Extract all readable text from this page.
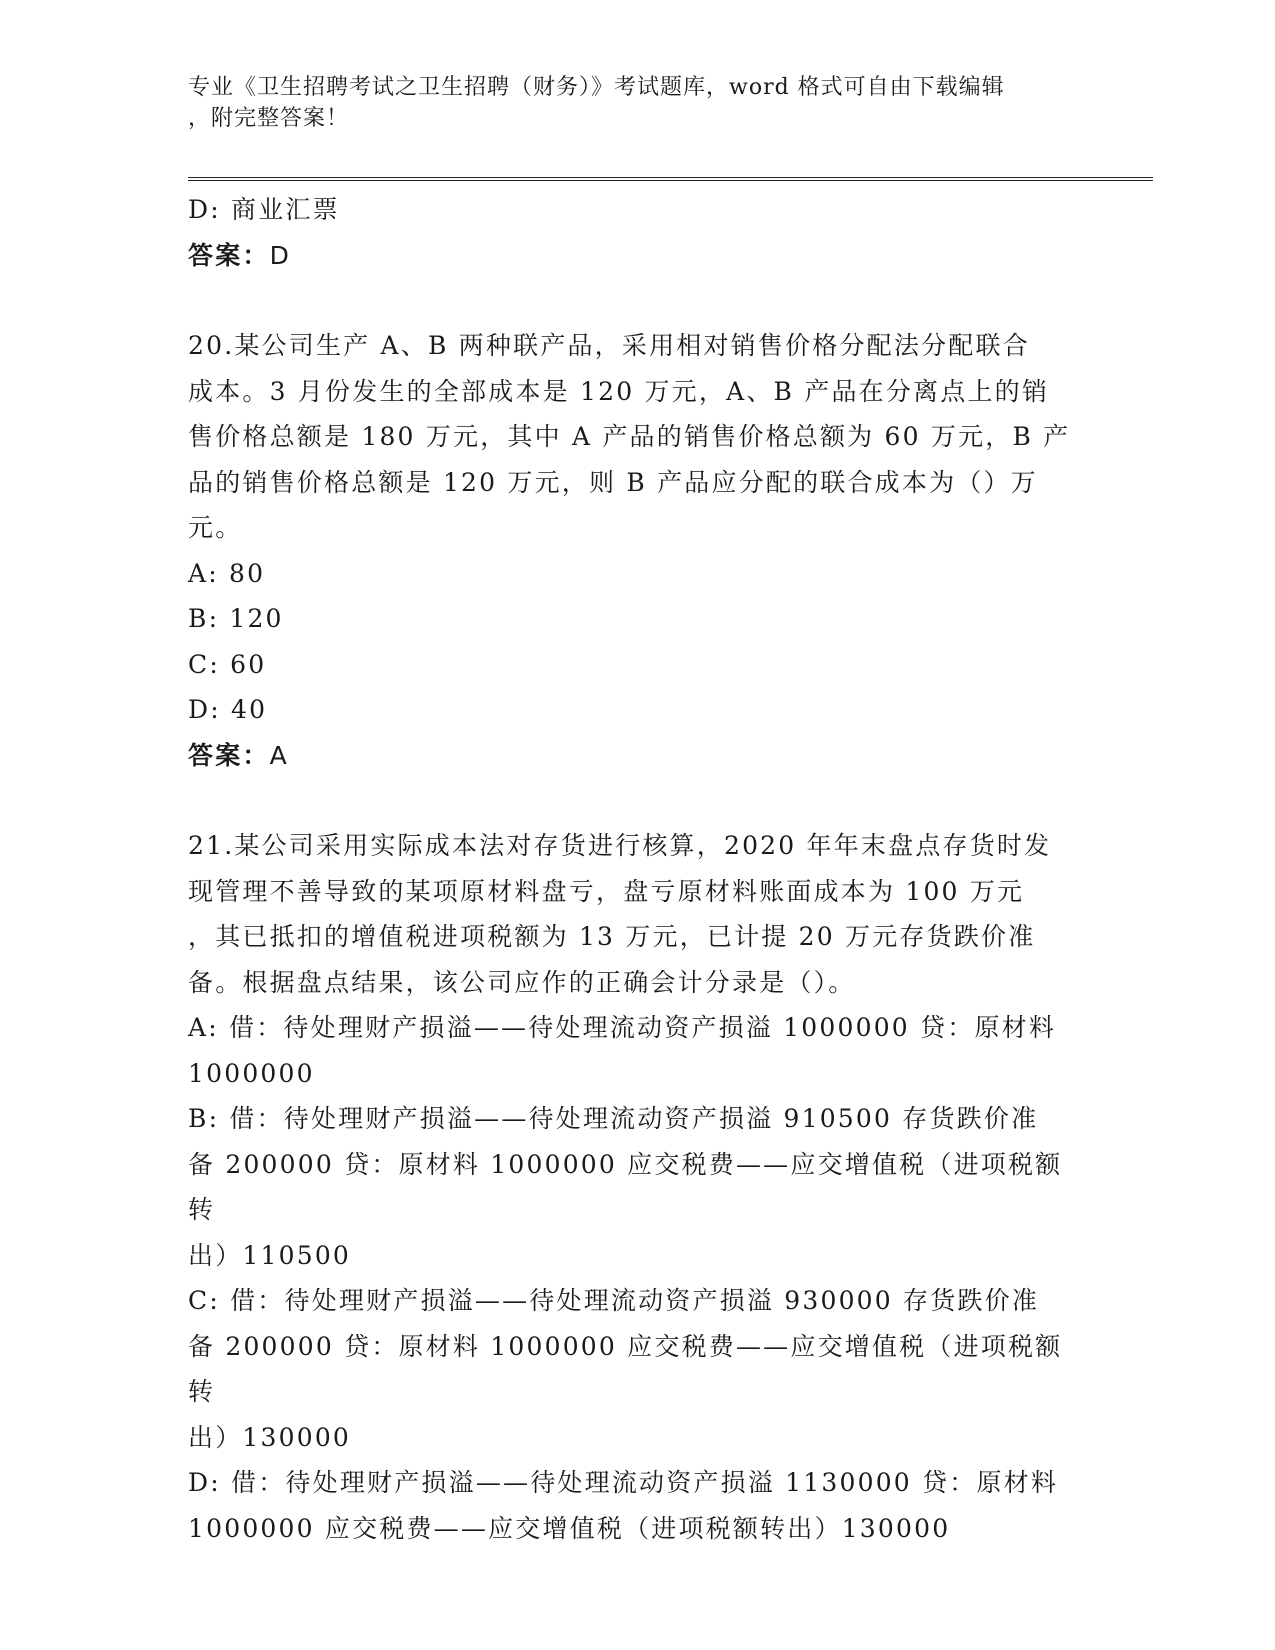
专业《卫生招聘考试之卫生招聘（财务）》考试题库，word 格式可自由下载编辑
，附完整答案！
D: 商业汇票
答案：D
20.某公司生产 A、B 两种联产品，采用相对销售价格分配法分配联合
成本。3 月份发生的全部成本是 120 万元，A、B 产品在分离点上的销
售价格总额是 180 万元，其中 A 产品的销售价格总额为 60 万元，B 产
品的销售价格总额是 120 万元，则 B 产品应分配的联合成本为（）万
元。
A: 80
B: 120
C: 60
D: 40
答案：A
21.某公司采用实际成本法对存货进行核算，2020 年年末盘点存货时发
现管理不善导致的某项原材料盘亏，盘亏原材料账面成本为 100 万元
，其已抵扣的增值税进项税额为 13 万元，已计提 20 万元存货跌价准
备。根据盘点结果，该公司应作的正确会计分录是（）。
A: 借：待处理财产损溢——待处理流动资产损溢 1000000 贷：原材料
1000000
B: 借：待处理财产损溢——待处理流动资产损溢 910500 存货跌价准
备 200000 贷：原材料 1000000 应交税费——应交增值税（进项税额转
出）110500
C: 借：待处理财产损溢——待处理流动资产损溢 930000 存货跌价准
备 200000 贷：原材料 1000000 应交税费——应交增值税（进项税额转
出）130000
D: 借：待处理财产损溢——待处理流动资产损溢 1130000 贷：原材料
1000000 应交税费——应交增值税（进项税额转出）130000
